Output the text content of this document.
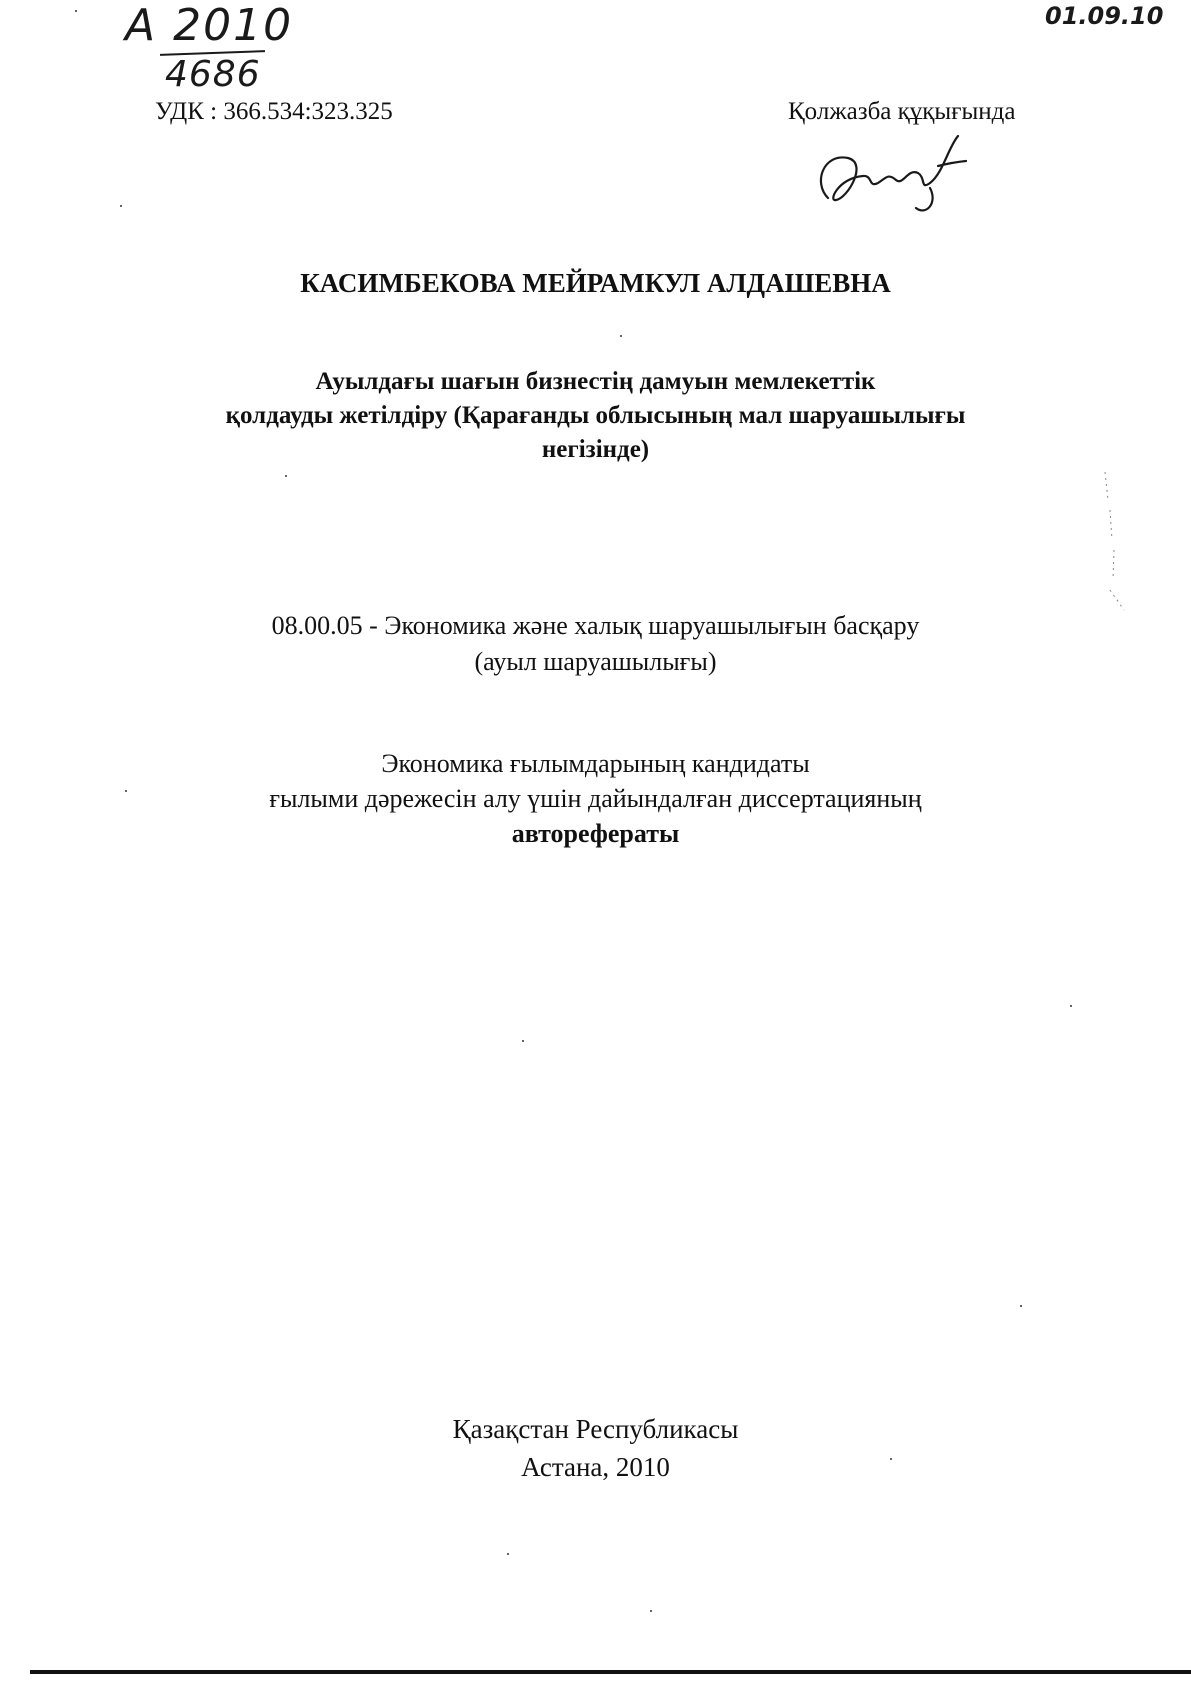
А 2010
4686
01.09.10
УДК : 366.534:323.325	Қолжазба құқығында
КАСИМБЕКОВА МЕЙРАМКУЛ АЛДАШЕВНА
Ауылдағы шағын бизнестің дамуын мемлекеттік
қолдауды жетілдіру (Қарағанды облысының мал шаруашылығы
негізінде)
08.00.05 - Экономика және халық шаруашылығын басқару
(ауыл шаруашылығы)
Экономика ғылымдарының кандидаты
ғылыми дәрежесін алу үшін дайындалған диссертацияның
авторефераты
Қазақстан Республикасы
Астана, 2010
